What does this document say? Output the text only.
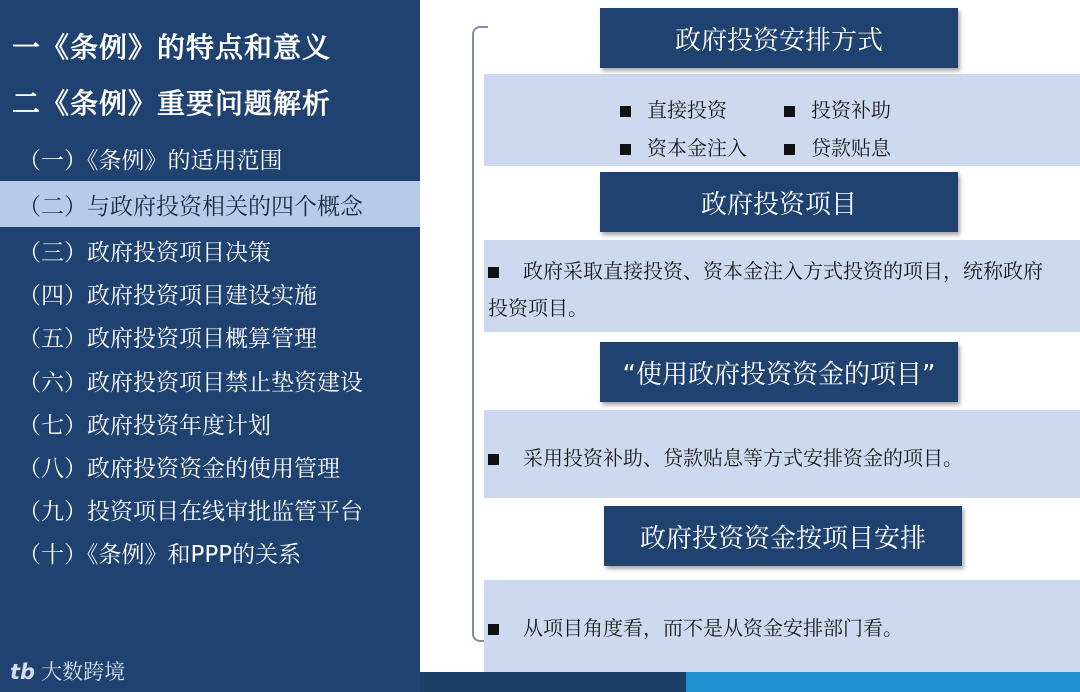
一《条例》的特点和意义
二《条例》重要问题解析
（一）《条例》的适用范围
（二）与政府投资相关的四个概念
（三）政府投资项目决策
（四）政府投资项目建设实施
（五）政府投资项目概算管理
（六）政府投资项目禁止垫资建设
（七）政府投资年度计划
（八）政府投资资金的使用管理
（九）投资项目在线审批监管平台
（十）《条例》和PPP的关系
tb 大数跨境
政府投资安排方式
直接投资	投资补助
资本金注入	贷款贴息
政府投资项目
政府采取直接投资、资本金注入方式投资的项目，统称政府投资项目。
“使用政府投资资金的项目”
采用投资补助、贷款贴息等方式安排资金的项目。
政府投资资金按项目安排
从项目角度看，而不是从资金安排部门看。
